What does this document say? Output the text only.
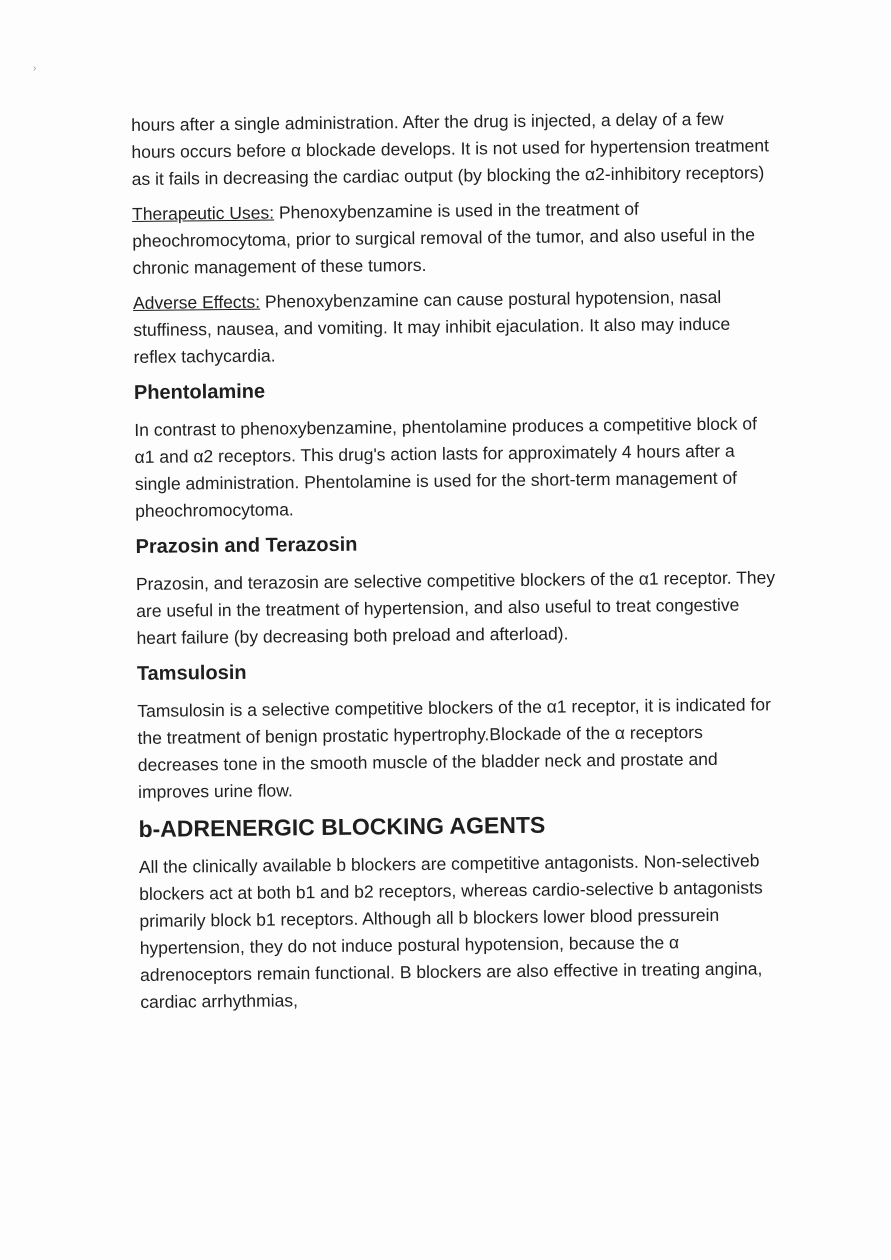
›

hours after a single administration. After the drug is injected, a delay of a few hours occurs before α blockade develops. It is not used for hypertension treatment as it fails in decreasing the cardiac output (by blocking the α2-inhibitory receptors)

Therapeutic Uses: Phenoxybenzamine is used in the treatment of pheochromocytoma, prior to surgical removal of the tumor, and also useful in the chronic management of these tumors.

Adverse Effects: Phenoxybenzamine can cause postural hypotension, nasal stuffiness, nausea, and vomiting. It may inhibit ejaculation. It also may induce reflex tachycardia.

Phentolamine

In contrast to phenoxybenzamine, phentolamine produces a competitive block of α1 and α2 receptors. This drug's action lasts for approximately 4 hours after a single administration. Phentolamine is used for the short-term management of pheochromocytoma.

Prazosin and Terazosin

Prazosin, and terazosin are selective competitive blockers of the α1 receptor. They are useful in the treatment of hypertension, and also useful to treat congestive heart failure (by decreasing both preload and afterload).

Tamsulosin

Tamsulosin is a selective competitive blockers of the α1 receptor, it is indicated for the treatment of benign prostatic hypertrophy.Blockade of the α receptors decreases tone in the smooth muscle of the bladder neck and prostate and improves urine flow.

b-ADRENERGIC BLOCKING AGENTS

All the clinically available b blockers are competitive antagonists. Non-selectiveb blockers act at both b1 and b2 receptors, whereas cardio-selective b antagonists primarily block b1 receptors. Although all b blockers lower blood pressurein hypertension, they do not induce postural hypotension, because the α adrenoceptors remain functional. B blockers are also effective in treating angina, cardiac arrhythmias,
